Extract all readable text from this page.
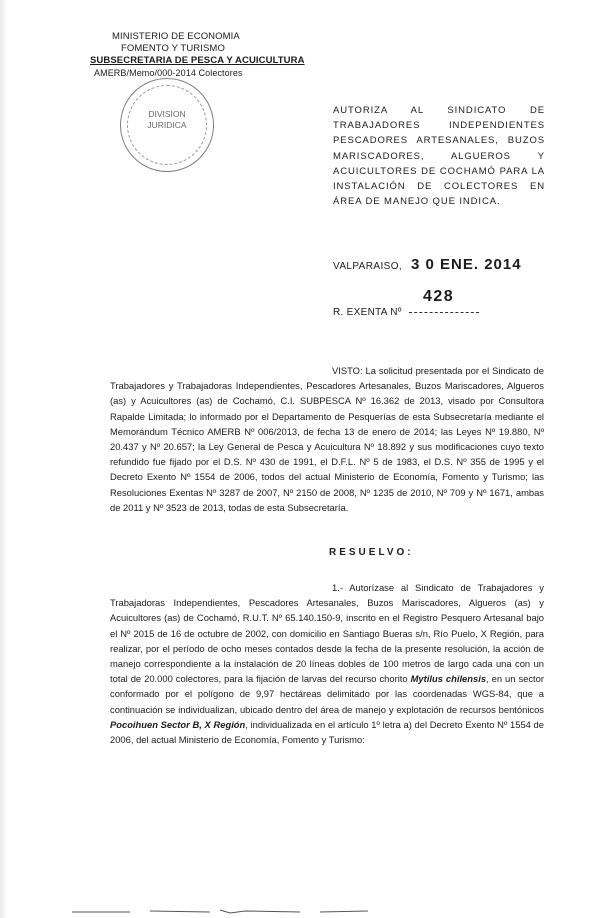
MINISTERIO DE ECONOMIA
FOMENTO Y TURISMO
SUBSECRETARIA DE PESCA Y ACUICULTURA
AMERB/Memo/000-2014 Colectores
DIVISION
JURIDICA
AUTORIZA AL SINDICATO DE TRABAJADORES INDEPENDIENTES PESCADORES ARTESANALES, BUZOS MARISCADORES, ALGUEROS Y ACUICULTORES DE COCHAMÓ PARA LA INSTALACIÓN DE COLECTORES EN ÁREA DE MANEJO QUE INDICA.
VALPARAISO, 3 0 ENE. 2014
428
R. EXENTA Nº

VISTO: La solicitud presentada por el Sindicato de Trabajadores y Trabajadoras Independientes, Pescadores Artesanales, Buzos Mariscadores, Algueros (as) y Acuicultores (as) de Cochamó, C.I. SUBPESCA Nº 16.362 de 2013, visado por Consultora Rapalde Limitada; lo informado por el Departamento de Pesquerías de esta Subsecretaría mediante el Memorándum Técnico AMERB Nº 006/2013, de fecha 13 de enero de 2014; las Leyes Nº 19.880, Nº 20.437 y Nº 20.657; la Ley General de Pesca y Acuicultura Nº 18.892 y sus modificaciones cuyo texto refundido fue fijado por el D.S. Nº 430 de 1991, el D.F.L. Nº 5 de 1983, el D.S. Nº 355 de 1995 y el Decreto Exento Nº 1554 de 2006, todos del actual Ministerio de Economía, Fomento y Turismo; las Resoluciones Exentas Nº 3287 de 2007, Nº 2150 de 2008, Nº 1235 de 2010, Nº 709 y Nº 1671, ambas de 2011 y Nº 3523 de 2013, todas de esta Subsecretaría.

RESUELVO:

1.- Autorízase al Sindicato de Trabajadores y Trabajadoras Independientes, Pescadores Artesanales, Buzos Mariscadores, Algueros (as) y Acuicultores (as) de Cochamó, R.U.T. Nº 65.140.150-9, inscrito en el Registro Pesquero Artesanal bajo el Nº 2015 de 16 de octubre de 2002, con domicilio en Santiago Bueras s/n, Río Puelo, X Región, para realizar, por el período de ocho meses contados desde la fecha de la presente resolución, la acción de manejo correspondiente a la instalación de 20 líneas dobles de 100 metros de largo cada una con un total de 20.000 colectores, para la fijación de larvas del recurso chorito Mytilus chilensis, en un sector conformado por el polígono de 9,97 hectáreas delimitado por las coordenadas WGS-84, que a continuación se individualizan, ubicado dentro del área de manejo y explotación de recursos bentónicos Pocoihuen Sector B, X Región, individualizada en el artículo 1º letra a) del Decreto Exento Nº 1554 de 2006, del actual Ministerio de Economía, Fomento y Turismo:
